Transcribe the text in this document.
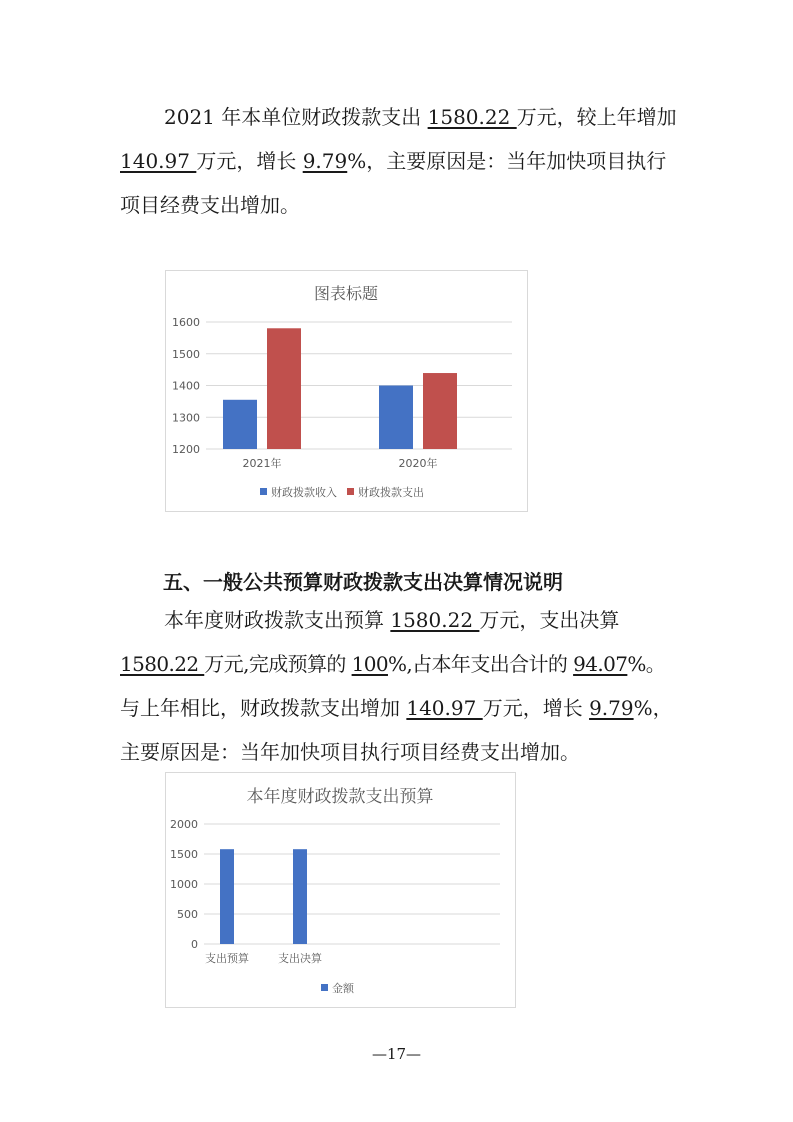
2021 年本单位财政拨款支出 1580.22 万元，较上年增加
140.97 万元，增长 9.79%，主要原因是：当年加快项目执行
项目经费支出增加。
图表标题
1200
1300
1400
1500
1600
2021年	2020年
财政拨款收入 财政拨款支出
五、一般公共预算财政拨款支出决算情况说明
本年度财政拨款支出预算 1580.22 万元，支出决算
1580.22 万元,完成预算的 100%,占本年支出合计的 94.07%。
与上年相比，财政拨款支出增加 140.97 万元，增长 9.79%，
主要原因是：当年加快项目执行项目经费支出增加。
本年度财政拨款支出预算
0
500
1000
1500
2000
支出预算	支出决算
金额
—17—
